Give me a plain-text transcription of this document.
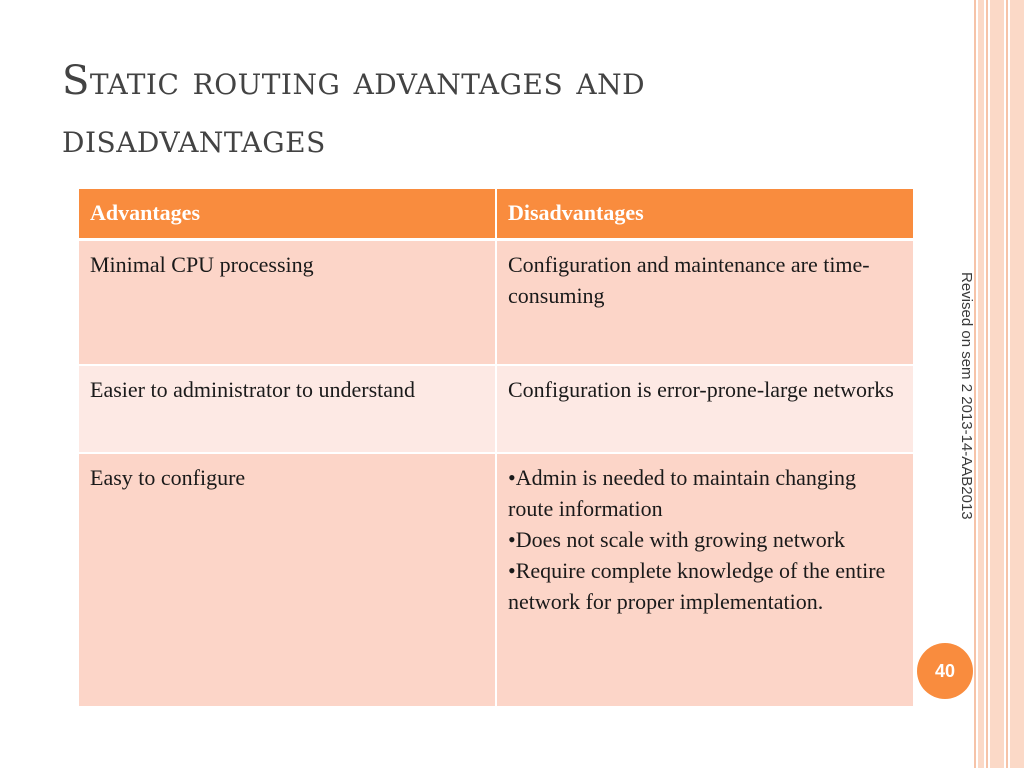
Static routing advantages and disadvantages
Advantages	Disadvantages
Minimal CPU processing	Configuration and maintenance are time-consuming

Easier to administrator to understand	Configuration is error-prone-large networks

Easy to configure	•Admin is needed to maintain changing route information
•Does not scale with growing network
•Require complete knowledge of the entire network for proper implementation.
Revised on sem 2 2013-14-AAB2013
40
